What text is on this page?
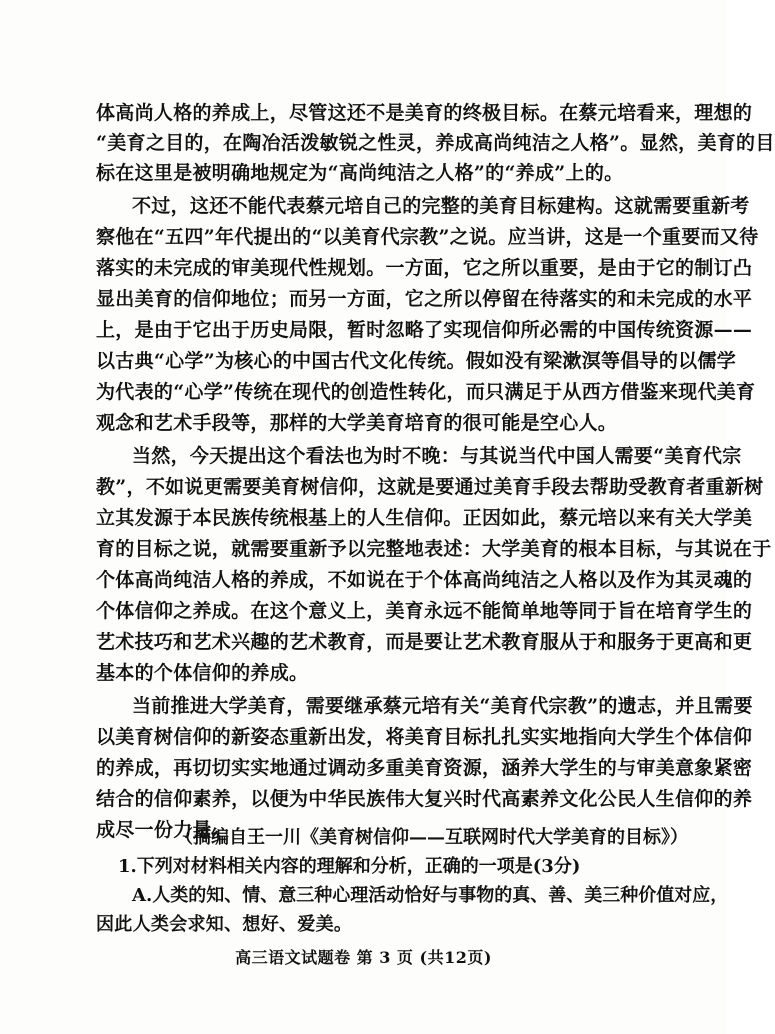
体高尚人格的养成上，尽管这还不是美育的终极目标。在蔡元培看来，理想的
“美育之目的，在陶冶活泼敏锐之性灵，养成高尚纯洁之人格”。显然，美育的目
标在这里是被明确地规定为“高尚纯洁之人格”的“养成”上的。
不过，这还不能代表蔡元培自己的完整的美育目标建构。这就需要重新考
察他在“五四”年代提出的“以美育代宗教”之说。应当讲，这是一个重要而又待
落实的未完成的审美现代性规划。一方面，它之所以重要，是由于它的制订凸
显出美育的信仰地位；而另一方面，它之所以停留在待落实的和未完成的水平
上，是由于它出于历史局限，暂时忽略了实现信仰所必需的中国传统资源——
以古典“心学”为核心的中国古代文化传统。假如没有梁漱溟等倡导的以儒学
为代表的“心学”传统在现代的创造性转化，而只满足于从西方借鉴来现代美育
观念和艺术手段等，那样的大学美育培育的很可能是空心人。
当然，今天提出这个看法也为时不晚：与其说当代中国人需要“美育代宗
教”，不如说更需要美育树信仰，这就是要通过美育手段去帮助受教育者重新树
立其发源于本民族传统根基上的人生信仰。正因如此，蔡元培以来有关大学美
育的目标之说，就需要重新予以完整地表述：大学美育的根本目标，与其说在于
个体高尚纯洁人格的养成，不如说在于个体高尚纯洁之人格以及作为其灵魂的
个体信仰之养成。在这个意义上，美育永远不能简单地等同于旨在培育学生的
艺术技巧和艺术兴趣的艺术教育，而是要让艺术教育服从于和服务于更高和更
基本的个体信仰的养成。
当前推进大学美育，需要继承蔡元培有关“美育代宗教”的遗志，并且需要
以美育树信仰的新姿态重新出发，将美育目标扎扎实实地指向大学生个体信仰
的养成，再切切实实地通过调动多重美育资源，涵养大学生的与审美意象紧密
结合的信仰素养，以便为中华民族伟大复兴时代高素养文化公民人生信仰的养
成尽一份力量。
（摘编自王一川《美育树信仰——互联网时代大学美育的目标》）
1.下列对材料相关内容的理解和分析，正确的一项是(3分)
A.人类的知、情、意三种心理活动恰好与事物的真、善、美三种价值对应，
因此人类会求知、想好、爱美。
高三语文试题卷 第 3 页 (共12页)
